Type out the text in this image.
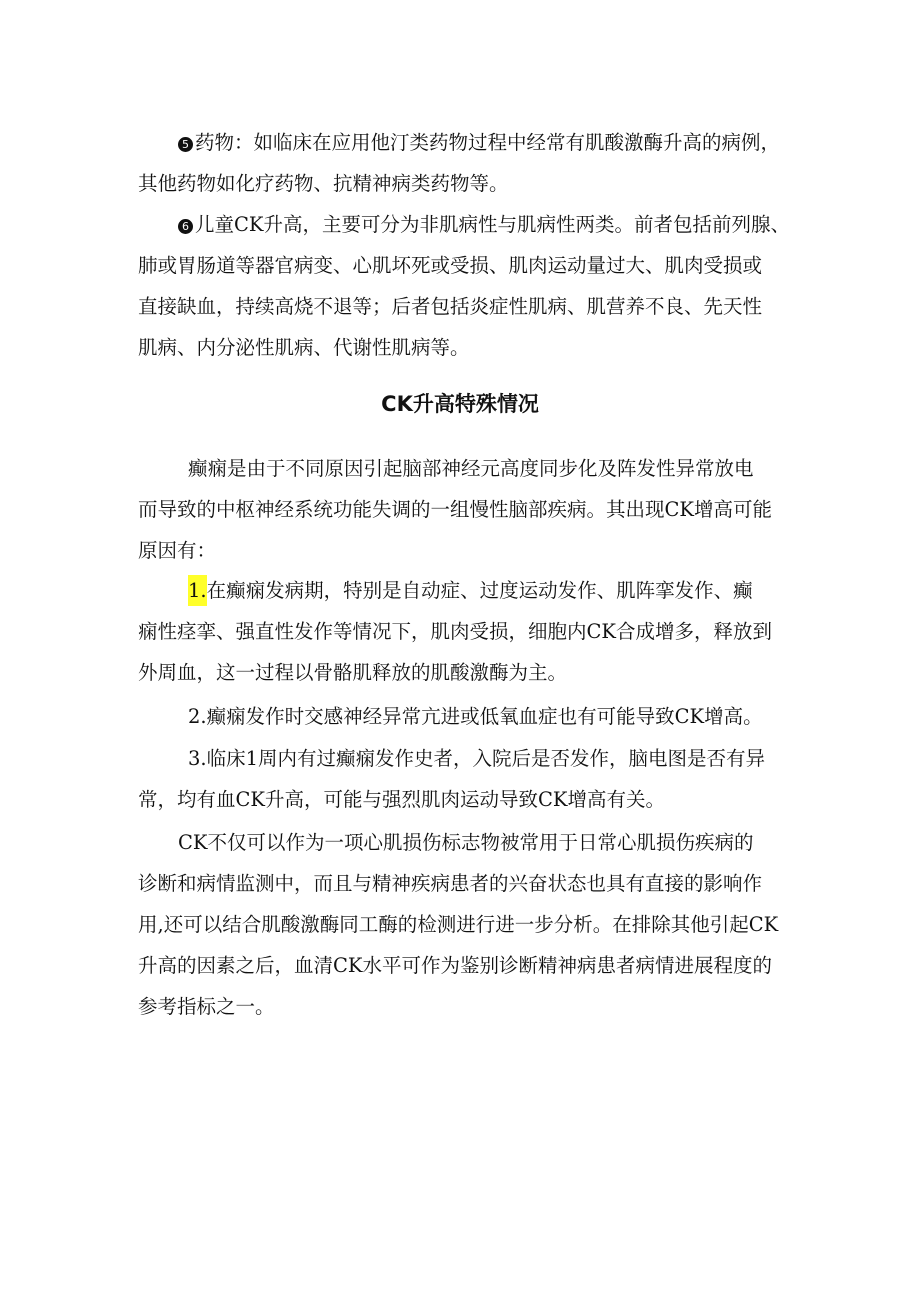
5 药物：如临床在应用他汀类药物过程中经常有肌酸激酶升高的病例，
其他药物如化疗药物、抗精神病类药物等。
6 儿童CK升高，主要可分为非肌病性与肌病性两类。前者包括前列腺、
肺或胃肠道等器官病变、心肌坏死或受损、肌肉运动量过大、肌肉受损或
直接缺血，持续高烧不退等；后者包括炎症性肌病、肌营养不良、先天性
肌病、内分泌性肌病、代谢性肌病等。
CK升高特殊情况
癫痫是由于不同原因引起脑部神经元高度同步化及阵发性异常放电
而导致的中枢神经系统功能失调的一组慢性脑部疾病。其出现CK增高可能
原因有：
1.在癫痫发病期，特别是自动症、过度运动发作、肌阵挛发作、癫
痫性痉挛、强直性发作等情况下，肌肉受损，细胞内CK合成增多，释放到
外周血，这一过程以骨骼肌释放的肌酸激酶为主。
2.癫痫发作时交感神经异常亢进或低氧血症也有可能导致CK增高。
3.临床1周内有过癫痫发作史者，入院后是否发作，脑电图是否有异
常，均有血CK升高，可能与强烈肌肉运动导致CK增高有关。
CK不仅可以作为一项心肌损伤标志物被常用于日常心肌损伤疾病的
诊断和病情监测中，而且与精神疾病患者的兴奋状态也具有直接的影响作
用,还可以结合肌酸激酶同工酶的检测进行进一步分析。在排除其他引起CK
升高的因素之后，血清CK水平可作为鉴别诊断精神病患者病情进展程度的
参考指标之一。
